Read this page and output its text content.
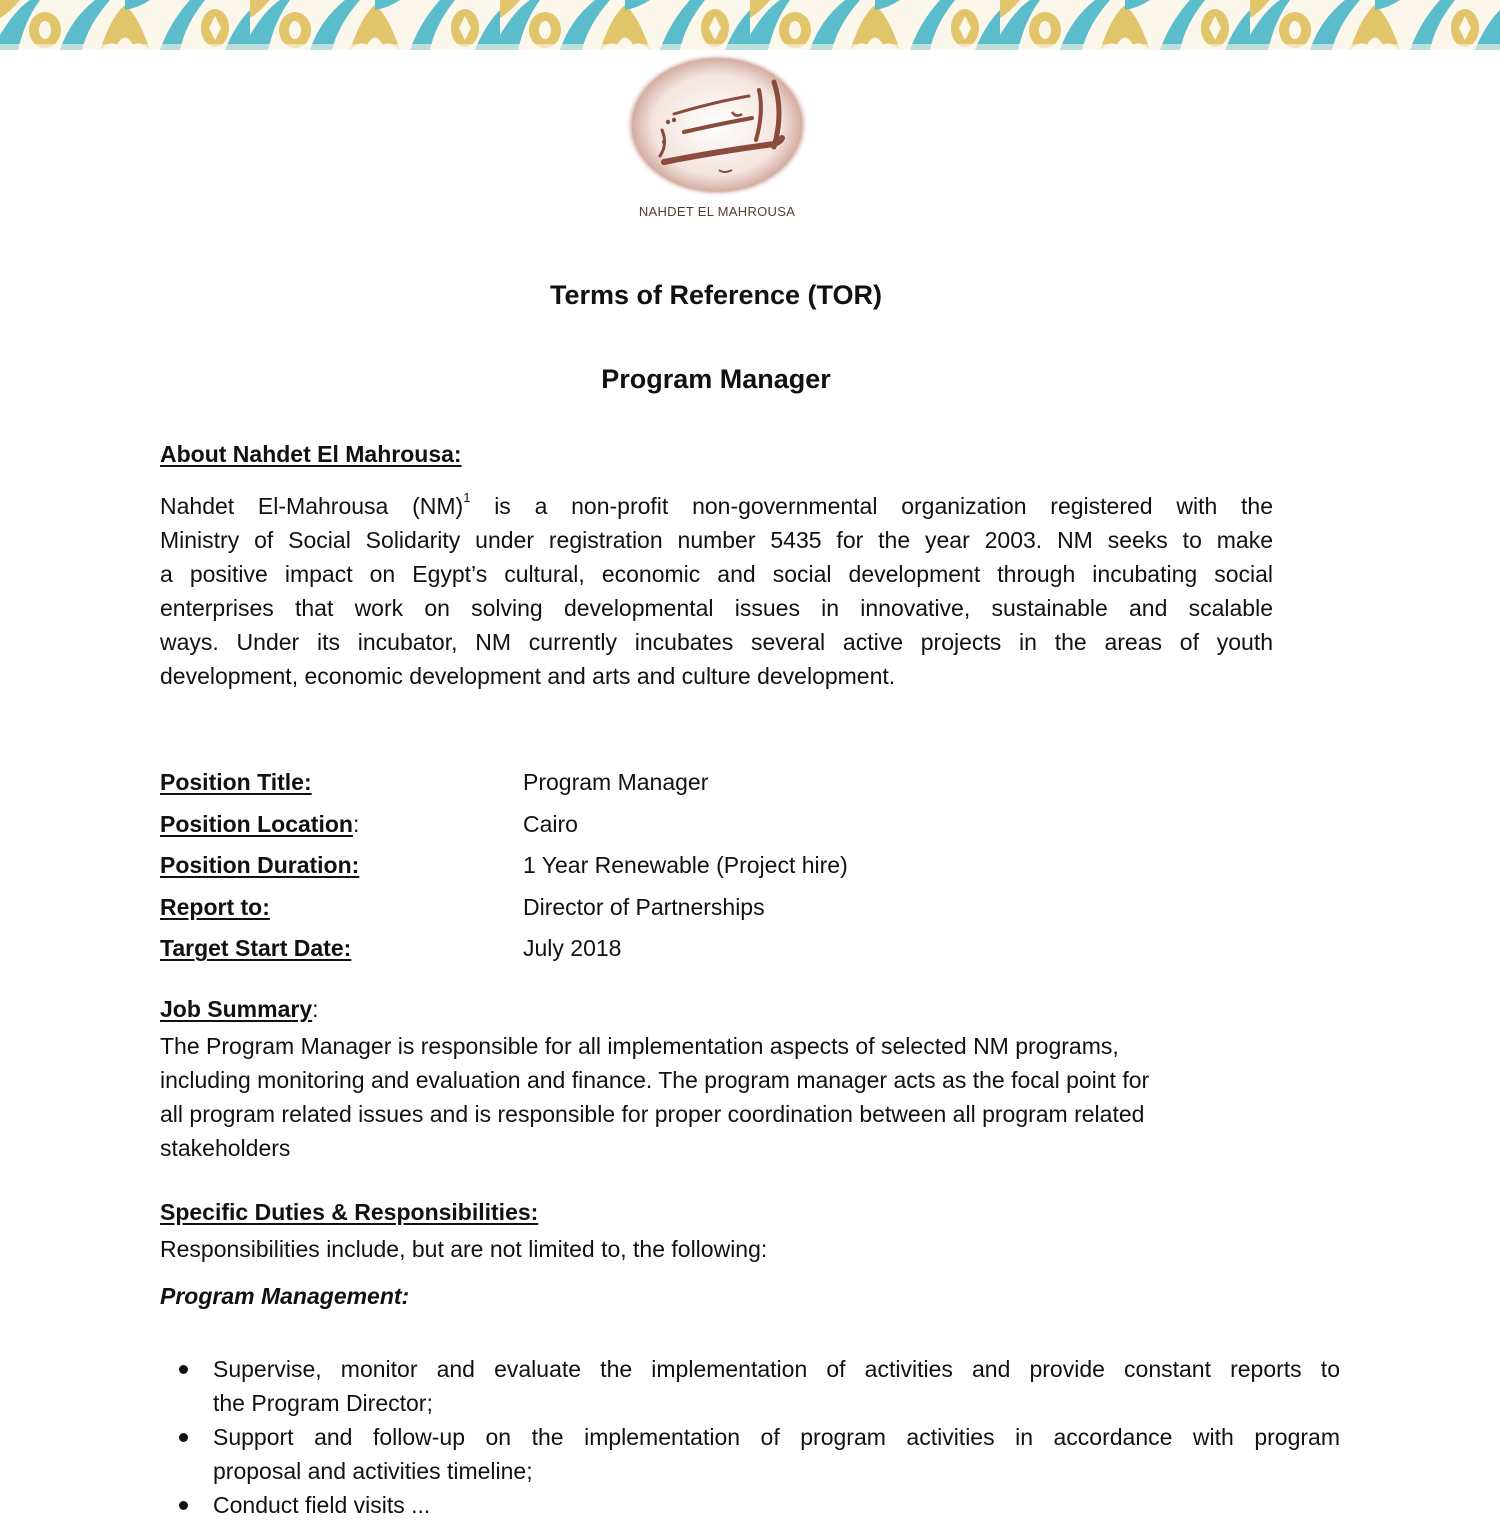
NAHDET EL MAHROUSA
Terms of Reference (TOR)
Program Manager
About Nahdet El Mahrousa:
Nahdet El-Mahrousa (NM)$^1$ is a non-profit non-governmental organization registered with the
Ministry of Social Solidarity under registration number 5435 for the year 2003. NM seeks to make
a positive impact on Egypt’s cultural, economic and social development through incubating social
enterprises that work on solving developmental issues in innovative, sustainable and scalable
ways. Under its incubator, NM currently incubates several active projects in the areas of youth
development, economic development and arts and culture development.
Position Title:	Program Manager
Position Location:	Cairo
Position Duration:	1 Year Renewable (Project hire)
Report to:	Director of Partnerships
Target Start Date:	July 2018
Job Summary:
The Program Manager is responsible for all implementation aspects of selected NM programs,
including monitoring and evaluation and finance. The program manager acts as the focal point for
all program related issues and is responsible for proper coordination between all program related
stakeholders
Specific Duties & Responsibilities:
Responsibilities include, but are not limited to, the following:
Program Management:
Supervise, monitor and evaluate the implementation of activities and provide constant reports to
the Program Director;
Support and follow-up on the implementation of program activities in accordance with program
proposal and activities timeline;
Conduct field visits ...
